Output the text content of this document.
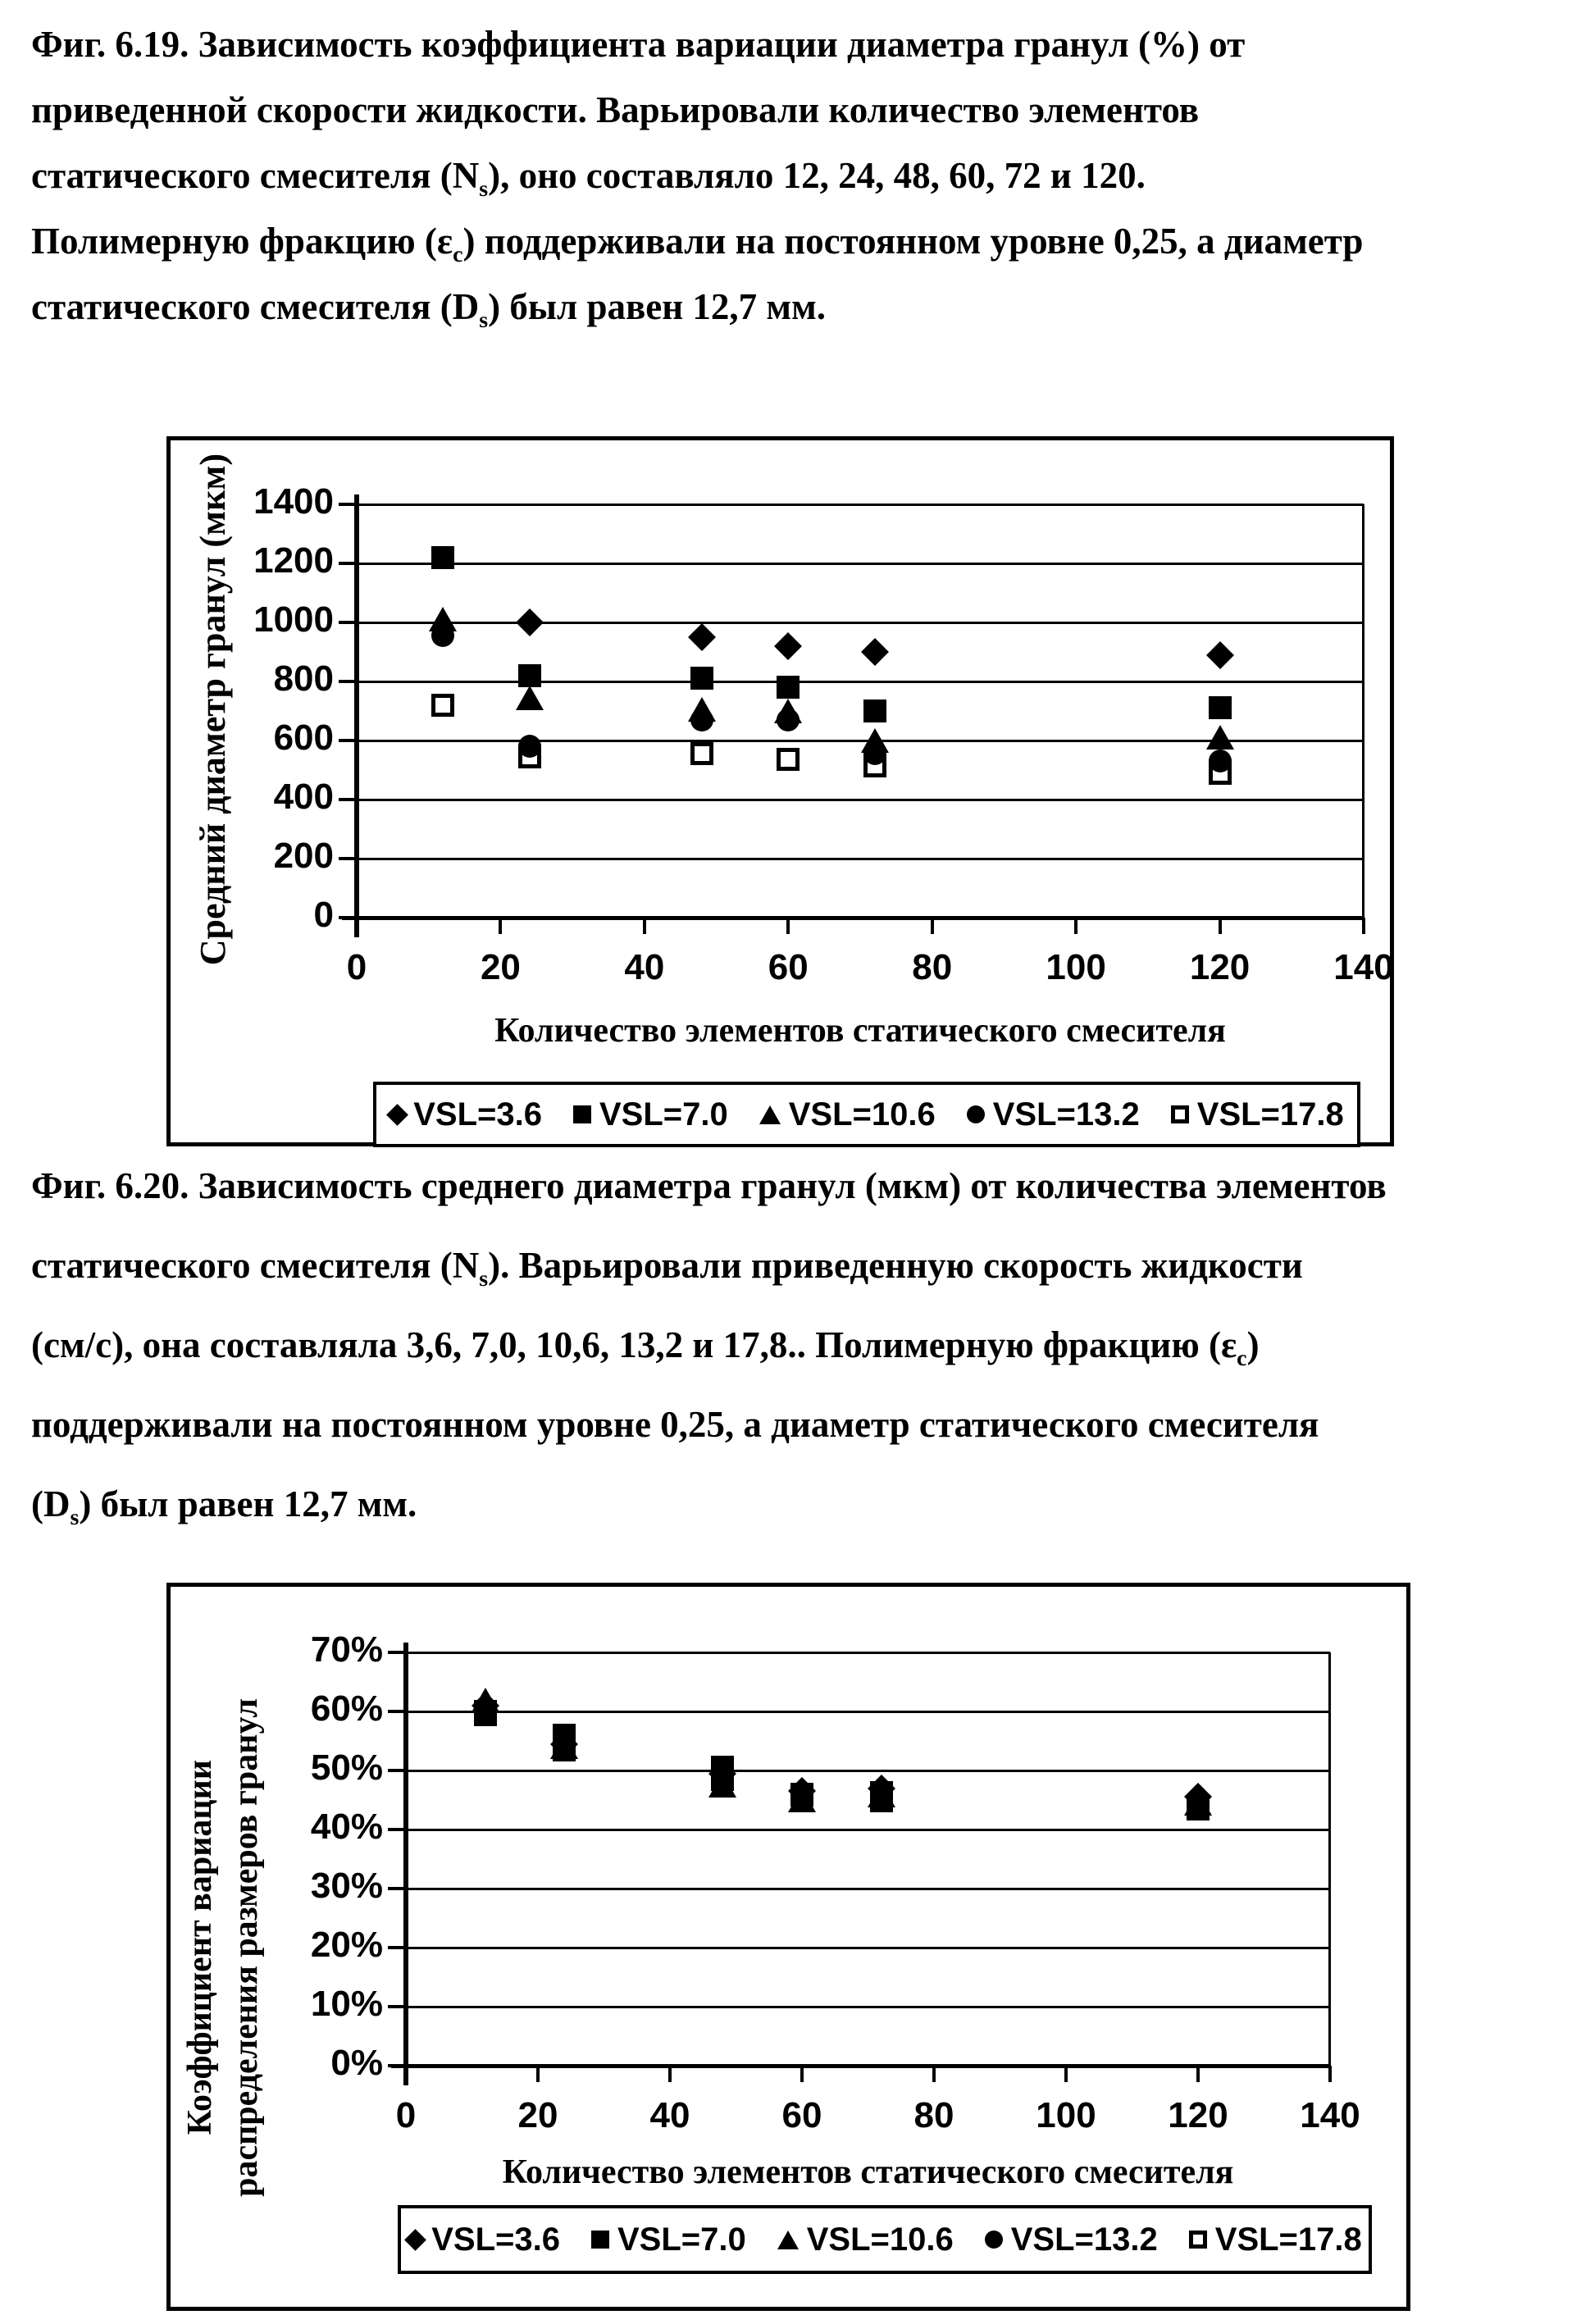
Фиг. 6.19. Зависимость коэффициента вариации диаметра гранул (%) от
приведенной скорости жидкости. Варьировали количество элементов
статического смесителя $(N_s)$, оно составляло 12, 24, 48, 60, 72 и 120.
Полимерную фракцию $(\varepsilon_c)$ поддерживали на постоянном уровне 0,25, а диаметр
статического смесителя $(D_s)$ был равен 12,7 мм.
Средний диаметр гранул (мкм)	0
200
400
600
800
1000
1200
1400
0	20	40	60	80	100	120	140
Количество элементов статического смесителя
VSL=3.6 VSL=7.0 VSL=10.6 VSL=13.2 VSL=17.8
Фиг. 6.20. Зависимость среднего диаметра гранул (мкм) от количества элементов
статического смесителя $(N_s)$. Варьировали приведенную скорость жидкости
(см/с), она составляла 3,6, 7,0, 10,6, 13,2 и 17,8.. Полимерную фракцию $(\varepsilon_c)$
поддерживали на постоянном уровне 0,25, а диаметр статического смесителя
$(D_s)$ был равен 12,7 мм.
Коэффициент вариации распределения размеров гранул	0%
10%
20%
30%
40%
50%
60%
70%
0	20	40	60	80	100	120	140
Количество элементов статического смесителя
VSL=3.6 VSL=7.0 VSL=10.6 VSL=13.2 VSL=17.8
